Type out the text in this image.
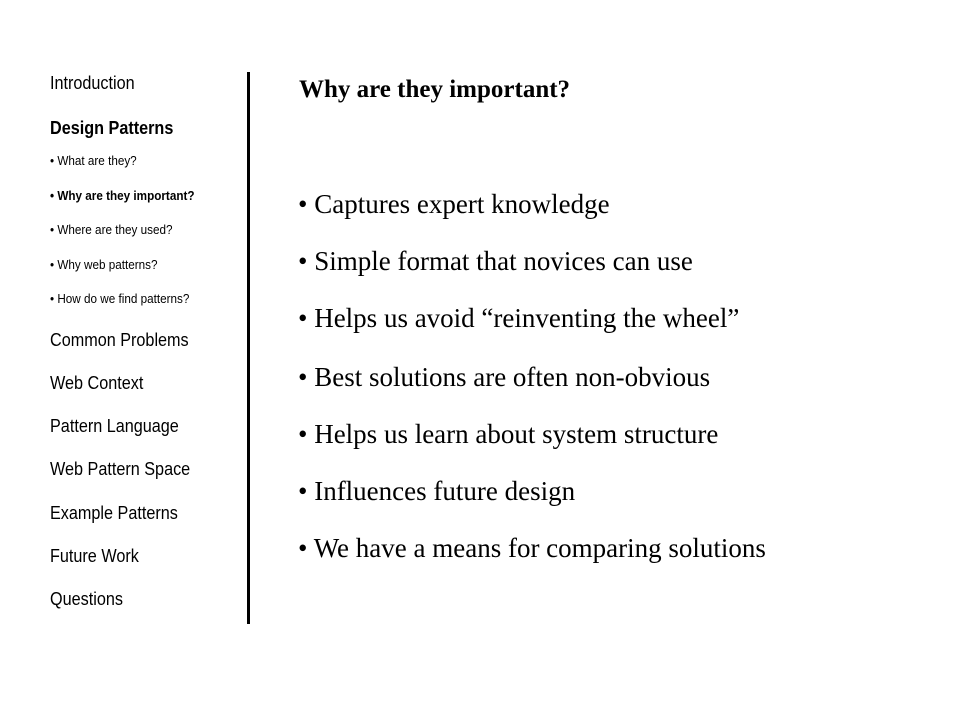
Introduction
Design Patterns
• What are they?
• Why are they important?
• Where are they used?
• Why web patterns?
• How do we find patterns?
Common Problems
Web Context
Pattern Language
Web Pattern Space
Example Patterns
Future Work
Questions
Why are they important?
• Captures expert knowledge
• Simple format that novices can use
• Helps us avoid “reinventing the wheel”
• Best solutions are often non-obvious
• Helps us learn about system structure
• Influences future design
• We have a means for comparing solutions
